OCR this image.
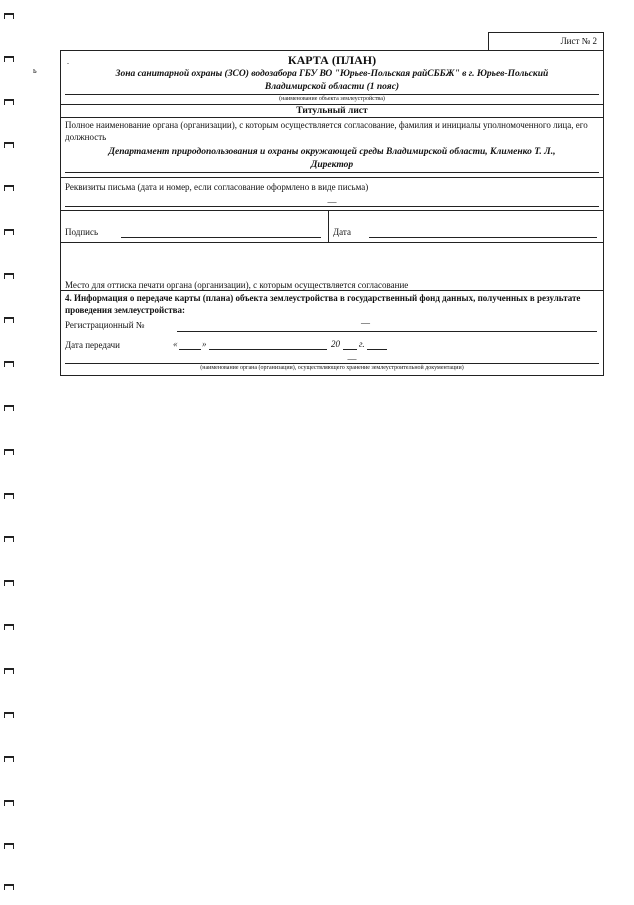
ь
Лист № 2
.	КАРТА (ПЛАН)
Зона санитарной охраны (ЗСО) водозабора ГБУ ВО "Юрьев-Польская райСББЖ" в г. Юрьев-Польский
Владимирской области (1 пояс)
(наименование объекта землеустройства)
Титульный лист
Полное наименование органа (организации), с которым осуществляется согласование, фамилия и инициалы уполномоченного лица, его должность
Департамент природопользования и охраны окружающей среды Владимирской области, Клименко Т. Л.,
Директор
Реквизиты письма (дата и номер, если согласование оформлено в виде письма)
—
Подпись	Дата
Место для оттиска печати органа (организации), с которым осуществляется согласование
4. Информация о передаче карты (плана) объекта землеустройства в государственный фонд данных, полученных в результате проведения землеустройства:
Регистрационный №	—
Дата передачи	«	»	20 г.
—
(наименование органа (организации), осуществляющего хранение землеустроительной документации)
